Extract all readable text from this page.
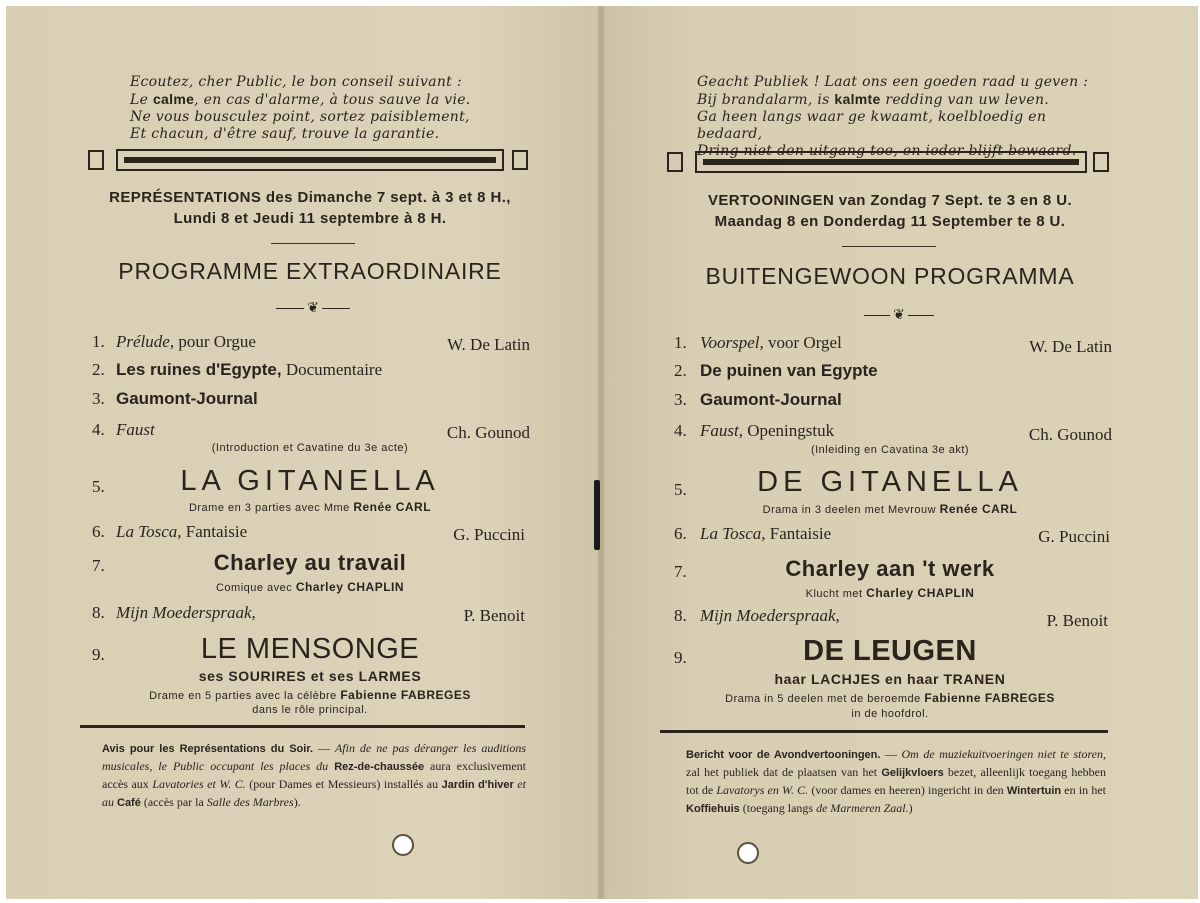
Ecoutez, cher Public, le bon conseil suivant :
Le calme, en cas d'alarme, à tous sauve la vie.
Ne vous bousculez point, sortez paisiblement,
Et chacun, d'être sauf, trouve la garantie.
REPRÉSENTATIONS des Dimanche 7 sept. à 3 et 8 H.,
Lundi 8 et Jeudi 11 septembre à 8 H.
PROGRAMME EXTRAORDINAIRE
❦
1. Prélude, pour Orgue	W. De Latin
2. Les ruines d'Egypte, Documentaire
3. Gaumont-Journal
4. Faust	Ch. Gounod
(Introduction et Cavatine du 3e acte)
5.	LA GITANELLA
Drame en 3 parties avec Mme Renée CARL
6. La Tosca, Fantaisie	G. Puccini
7.	Charley au travail
Comique avec Charley CHAPLIN
8. Mijn Moederspraak,	P. Benoit
9.	LE MENSONGE
ses SOURIRES et ses LARMES
Drame en 5 parties avec la célèbre Fabienne FABREGES
dans le rôle principal.
Avis pour les Représentations du Soir. — Afin de ne pas déranger les auditions musicales, le Public occupant les places du Rez-de-chaussée aura exclusivement accès aux Lavatories et W. C. (pour Dames et Messieurs) installés au Jardin d'hiver et au Café (accès par la Salle des Marbres).
Geacht Publiek ! Laat ons een goeden raad u geven :
Bij brandalarm, is kalmte redding van uw leven.
Ga heen langs waar ge kwaamt, koelbloedig en bedaard,
Dring niet den uitgang toe, en ieder blijft bewaard.
VERTOONINGEN van Zondag 7 Sept. te 3 en 8 U.
Maandag 8 en Donderdag 11 September te 8 U.
BUITENGEWOON PROGRAMMA
❦
1. Voorspel, voor Orgel	W. De Latin
2. De puinen van Egypte
3. Gaumont-Journal
4. Faust, Openingstuk	Ch. Gounod
(Inleiding en Cavatina 3e akt)
5.	DE GITANELLA
Drama in 3 deelen met Mevrouw Renée CARL
6. La Tosca, Fantaisie	G. Puccini
7.	Charley aan 't werk
Klucht met Charley CHAPLIN
8. Mijn Moederspraak,	P. Benoit
9.	DE LEUGEN
haar LACHJES en haar TRANEN
Drama in 5 deelen met de beroemde Fabienne FABREGES
in de hoofdrol.
Bericht voor de Avondvertooningen. — Om de muziekuitvoeringen niet te storen, zal het publiek dat de plaatsen van het Gelijkvloers bezet, alleenlijk toegang hebben tot de Lavatorys en W. C. (voor dames en heeren) ingericht in den Wintertuin en in het Koffiehuis (toegang langs de Marmeren Zaal.)
